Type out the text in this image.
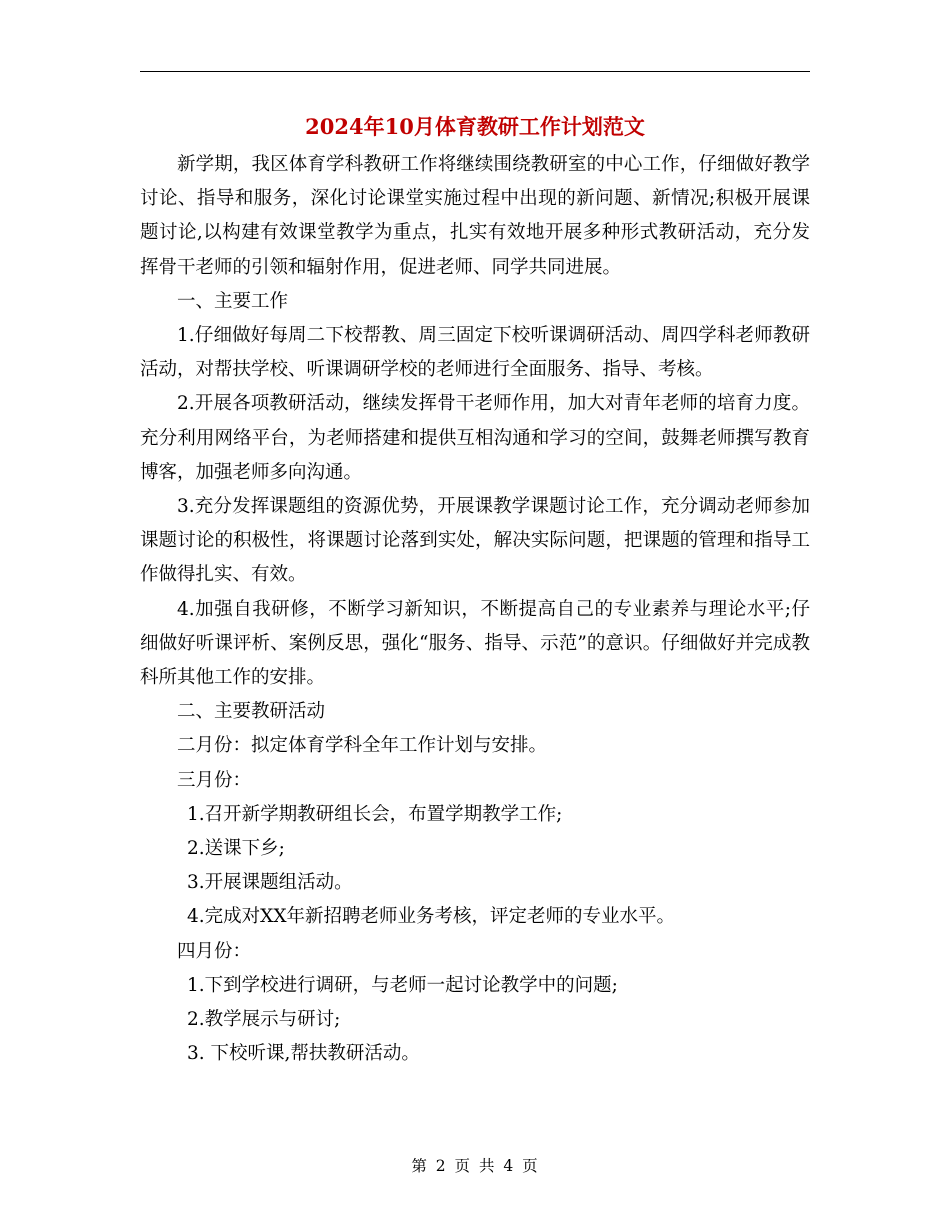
2024年10月体育教研工作计划范文

新学期，我区体育学科教研工作将继续围绕教研室的中心工作，仔细做好教学讨论、指导和服务，深化讨论课堂实施过程中出现的新问题、新情况;积极开展课题讨论,以构建有效课堂教学为重点，扎实有效地开展多种形式教研活动，充分发挥骨干老师的引领和辐射作用，促进老师、同学共同进展。

一、主要工作

1.仔细做好每周二下校帮教、周三固定下校听课调研活动、周四学科老师教研活动，对帮扶学校、听课调研学校的老师进行全面服务、指导、考核。

2.开展各项教研活动，继续发挥骨干老师作用，加大对青年老师的培育力度。充分利用网络平台，为老师搭建和提供互相沟通和学习的空间，鼓舞老师撰写教育博客，加强老师多向沟通。

3.充分发挥课题组的资源优势，开展课教学课题讨论工作，充分调动老师参加课题讨论的积极性，将课题讨论落到实处，解决实际问题，把课题的管理和指导工作做得扎实、有效。

4.加强自我研修，不断学习新知识，不断提高自己的专业素养与理论水平;仔细做好听课评析、案例反思，强化“服务、指导、示范”的意识。仔细做好并完成教科所其他工作的安排。

二、主要教研活动

二月份：拟定体育学科全年工作计划与安排。

三月份：

1.召开新学期教研组长会，布置学期教学工作;

2.送课下乡;

3.开展课题组活动。

4.完成对XX年新招聘老师业务考核，评定老师的专业水平。

四月份：

1.下到学校进行调研，与老师一起讨论教学中的问题;

2.教学展示与研讨;

3. 下校听课,帮扶教研活动。

第 2 页 共 4 页
